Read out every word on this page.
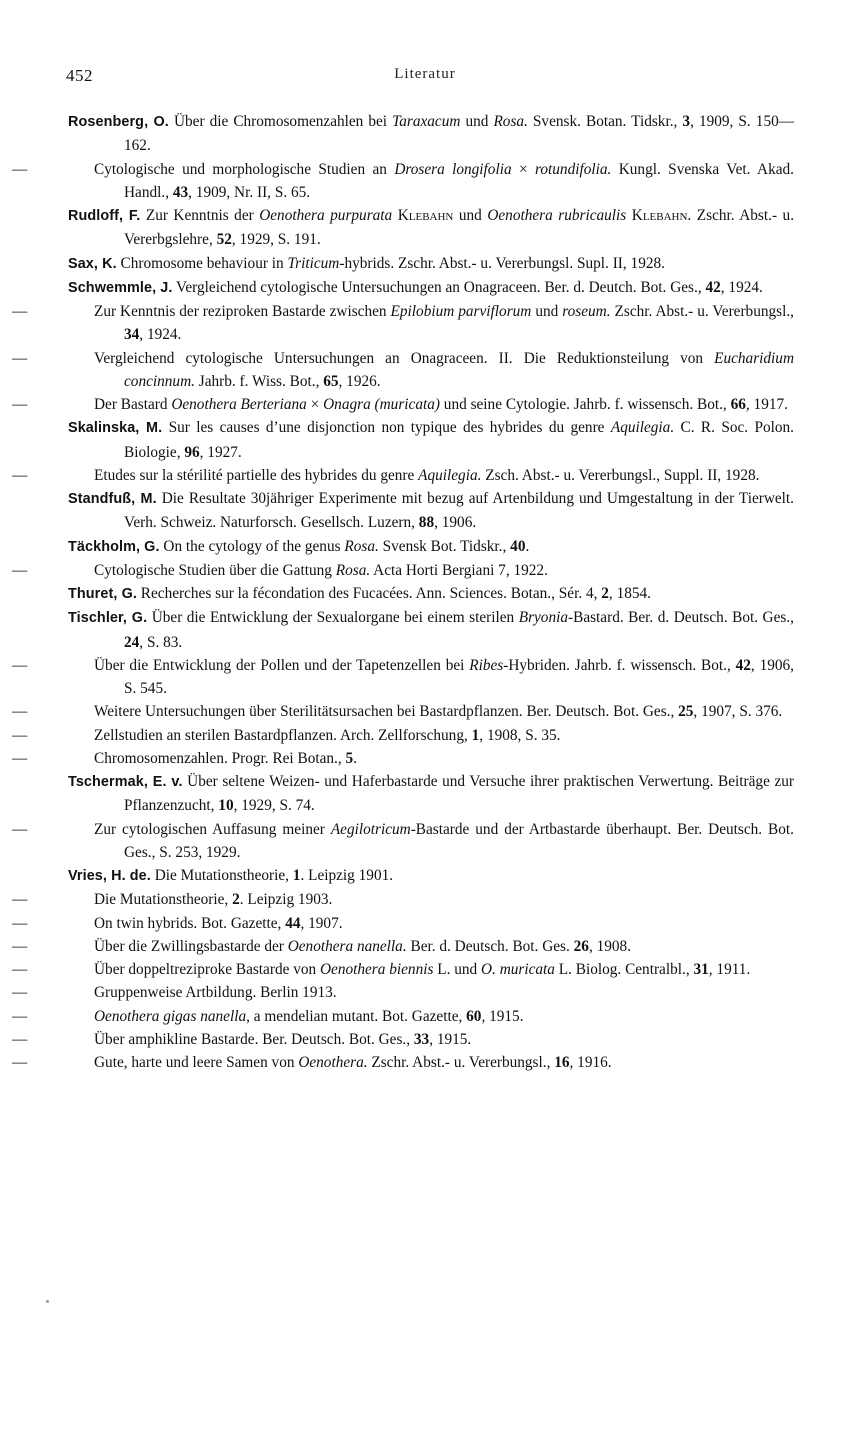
452	Literatur
Rosenberg, O. Über die Chromosomenzahlen bei Taraxacum und Rosa. Svensk. Botan. Tidskr., 3, 1909, S. 150—162.
—	Cytologische und morphologische Studien an Drosera longifolia × rotundifolia. Kungl. Svenska Vet. Akad. Handl., 43, 1909, Nr. II, S. 65.
Rudloff, F. Zur Kenntnis der Oenothera purpurata Klebahn und Oenothera rubricaulis Klebahn. Zschr. Abst.- u. Vererbgslehre, 52, 1929, S. 191.
Sax, K. Chromosome behaviour in Triticum-hybrids. Zschr. Abst.- u. Vererbungsl. Supl. II, 1928.
Schwemmle, J. Vergleichend cytologische Untersuchungen an Onagraceen. Ber. d. Deutch. Bot. Ges., 42, 1924.
—	Zur Kenntnis der reziproken Bastarde zwischen Epilobium parviflorum und roseum. Zschr. Abst.- u. Vererbungsl., 34, 1924.
—	Vergleichend cytologische Untersuchungen an Onagraceen. II. Die Reduktionsteilung von Eucharidium concinnum. Jahrb. f. Wiss. Bot., 65, 1926.
—	Der Bastard Oenothera Berteriana × Onagra (muricata) und seine Cytologie. Jahrb. f. wissensch. Bot., 66, 1917.
Skalinska, M. Sur les causes d’une disjonction non typique des hybrides du genre Aquilegia. C. R. Soc. Polon. Biologie, 96, 1927.
—	Etudes sur la stérilité partielle des hybrides du genre Aquilegia. Zsch. Abst.- u. Vererbungsl., Suppl. II, 1928.
Standfuß, M. Die Resultate 30jähriger Experimente mit bezug auf Artenbildung und Umgestaltung in der Tierwelt. Verh. Schweiz. Naturforsch. Gesellsch. Luzern, 88, 1906.
Täckholm, G. On the cytology of the genus Rosa. Svensk Bot. Tidskr., 40.
—	Cytologische Studien über die Gattung Rosa. Acta Horti Bergiani 7, 1922.
Thuret, G. Recherches sur la fécondation des Fucacées. Ann. Sciences. Botan., Sér. 4, 2, 1854.
Tischler, G. Über die Entwicklung der Sexualorgane bei einem sterilen Bryonia-Bastard. Ber. d. Deutsch. Bot. Ges., 24, S. 83.
—	Über die Entwicklung der Pollen und der Tapetenzellen bei Ribes-Hybriden. Jahrb. f. wissensch. Bot., 42, 1906, S. 545.
—	Weitere Untersuchungen über Sterilitätsursachen bei Bastardpflanzen. Ber. Deutsch. Bot. Ges., 25, 1907, S. 376.
—	Zellstudien an sterilen Bastardpflanzen. Arch. Zellforschung, 1, 1908, S. 35.
—	Chromosomenzahlen. Progr. Rei Botan., 5.
Tschermak, E. v. Über seltene Weizen- und Haferbastarde und Versuche ihrer praktischen Verwertung. Beiträge zur Pflanzenzucht, 10, 1929, S. 74.
—	Zur cytologischen Auffasung meiner Aegilotricum-Bastarde und der Artbastarde überhaupt. Ber. Deutsch. Bot. Ges., S. 253, 1929.
Vries, H. de. Die Mutationstheorie, 1. Leipzig 1901.
—	Die Mutationstheorie, 2. Leipzig 1903.
—	On twin hybrids. Bot. Gazette, 44, 1907.
—	Über die Zwillingsbastarde der Oenothera nanella. Ber. d. Deutsch. Bot. Ges. 26, 1908.
—	Über doppeltreziproke Bastarde von Oenothera biennis L. und O. muricata L. Biolog. Centralbl., 31, 1911.
—	Gruppenweise Artbildung. Berlin 1913.
—	Oenothera gigas nanella, a mendelian mutant. Bot. Gazette, 60, 1915.
—	Über amphikline Bastarde. Ber. Deutsch. Bot. Ges., 33, 1915.
—	Gute, harte und leere Samen von Oenothera. Zschr. Abst.- u. Vererbungsl., 16, 1916.
